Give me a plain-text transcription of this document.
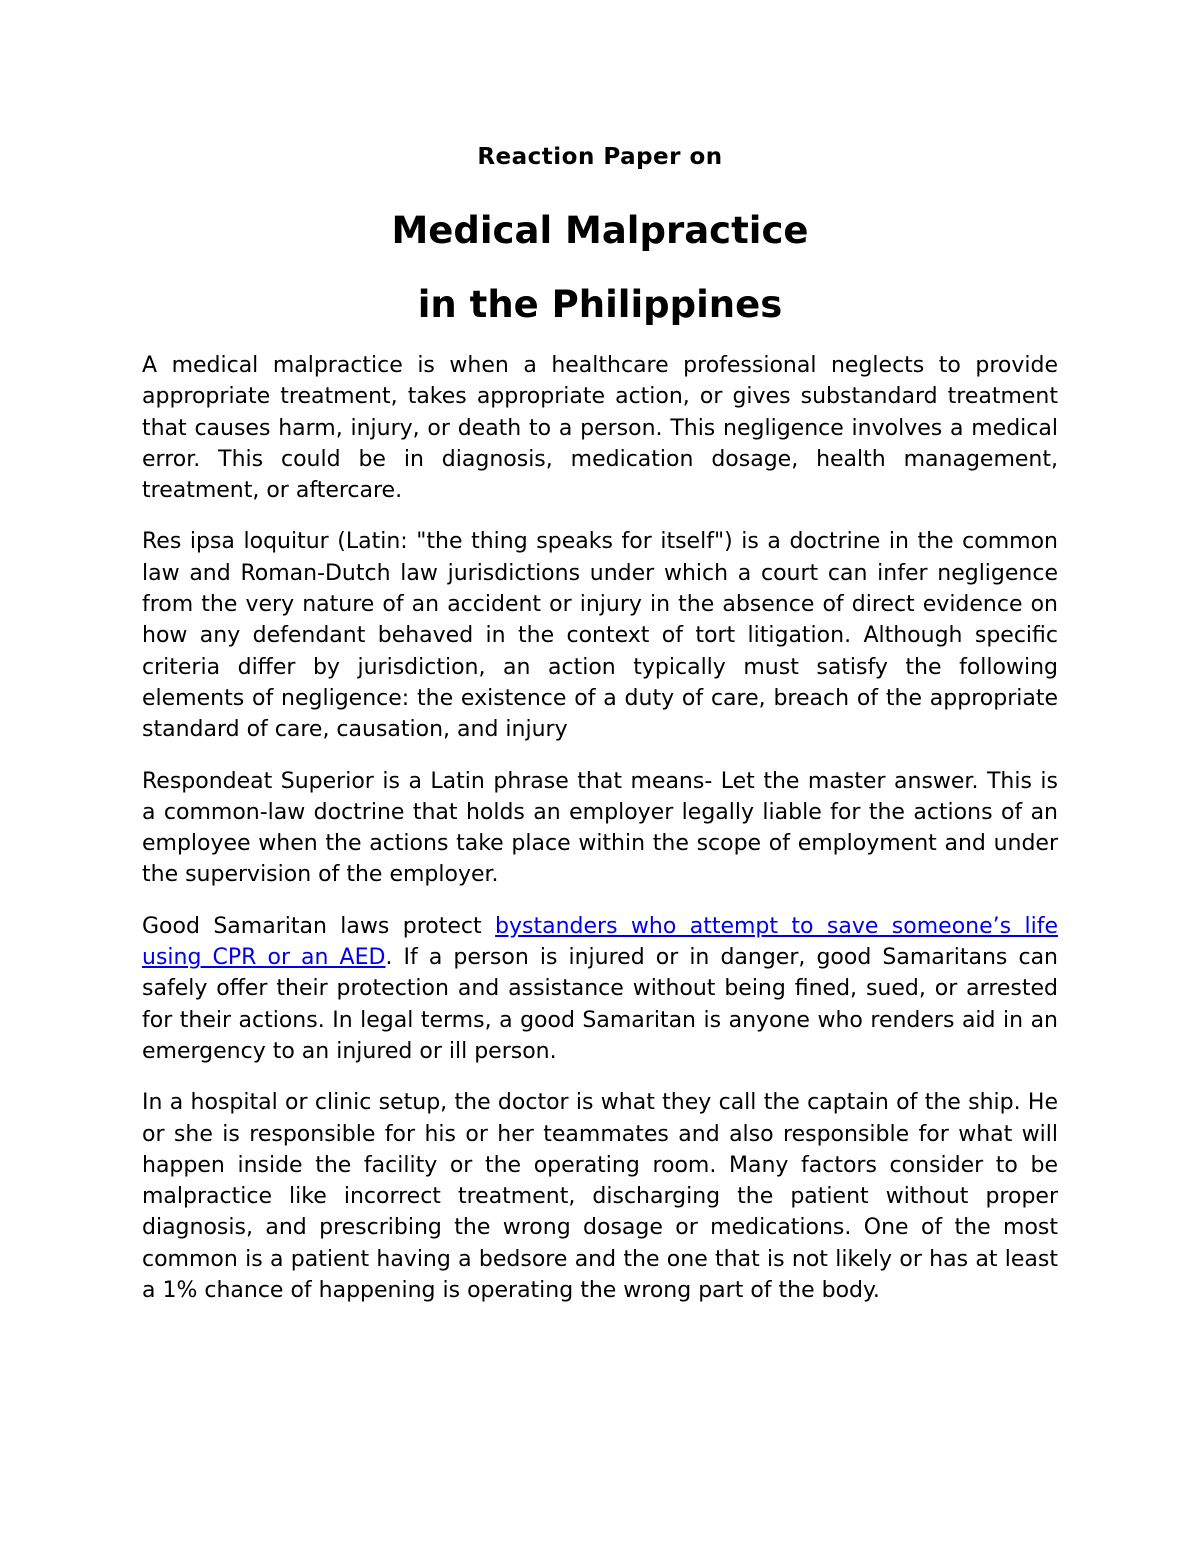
Reaction Paper on
Medical Malpractice
in the Philippines

A medical malpractice is when a healthcare professional neglects to provide appropriate treatment, takes appropriate action, or gives substandard treatment that causes harm, injury, or death to a person. This negligence involves a medical error. This could be in diagnosis, medication dosage, health management, treatment, or aftercare.

Res ipsa loquitur (Latin: "the thing speaks for itself") is a doctrine in the common law and Roman-Dutch law jurisdictions under which a court can infer negligence from the very nature of an accident or injury in the absence of direct evidence on how any defendant behaved in the context of tort litigation. Although specific criteria differ by jurisdiction, an action typically must satisfy the following elements of negligence: the existence of a duty of care, breach of the appropriate standard of care, causation, and injury

Respondeat Superior is a Latin phrase that means- Let the master answer. This is a common-law doctrine that holds an employer legally liable for the actions of an employee when the actions take place within the scope of employment and under the supervision of the employer.

Good Samaritan laws protect bystanders who attempt to save someone’s life using CPR or an AED. If a person is injured or in danger, good Samaritans can safely offer their protection and assistance without being fined, sued, or arrested for their actions. In legal terms, a good Samaritan is anyone who renders aid in an emergency to an injured or ill person.

In a hospital or clinic setup, the doctor is what they call the captain of the ship. He or she is responsible for his or her teammates and also responsible for what will happen inside the facility or the operating room. Many factors consider to be malpractice like incorrect treatment, discharging the patient without proper diagnosis, and prescribing the wrong dosage or medications. One of the most common is a patient having a bedsore and the one that is not likely or has at least a 1% chance of happening is operating the wrong part of the body.
